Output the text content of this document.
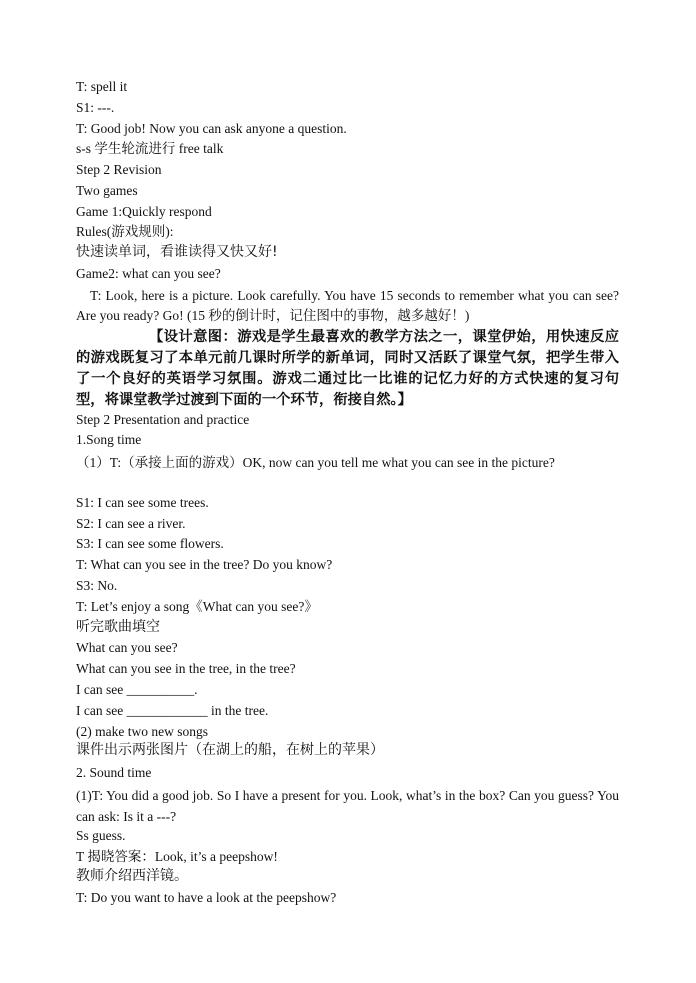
T: spell it
S1: ---.
T: Good job! Now you can ask anyone a question.
s-s 学生轮流进行 free talk
Step 2 Revision
Two games
Game 1:Quickly respond
Rules(游戏规则):
快速读单词，看谁读得又快又好!
Game2: what can you see?
T: Look, here is a picture. Look carefully. You have 15 seconds to remember what you can see? Are you ready? Go! (15 秒的倒计时，记住图中的事物，越多越好！)
【设计意图：游戏是学生最喜欢的教学方法之一，课堂伊始，用快速反应的游戏既复习了本单元前几课时所学的新单词，同时又活跃了课堂气氛，把学生带入了一个良好的英语学习氛围。游戏二通过比一比谁的记忆力好的方式快速的复习句型，将课堂教学过渡到下面的一个环节，衔接自然。】
Step 2 Presentation and practice
1.Song time
（1）T:（承接上面的游戏）OK, now can you tell me what you can see in the picture?
S1: I can see some trees.
S2: I can see a river.
S3: I can see some flowers.
T: What can you see in the tree? Do you know?
S3: No.
T: Let’s enjoy a song《What can you see?》
听完歌曲填空
What can you see?
What can you see in the tree, in the tree?
I can see __________.
I can see ____________ in the tree.
(2) make two new songs
课件出示两张图片（在湖上的船，在树上的苹果）
2. Sound time
(1)T: You did a good job. So I have a present for you. Look, what’s in the box? Can you guess? You can ask: Is it a ---?
Ss guess.
T 揭晓答案：Look, it’s a peepshow!
教师介绍西洋镜。
T: Do you want to have a look at the peepshow?
